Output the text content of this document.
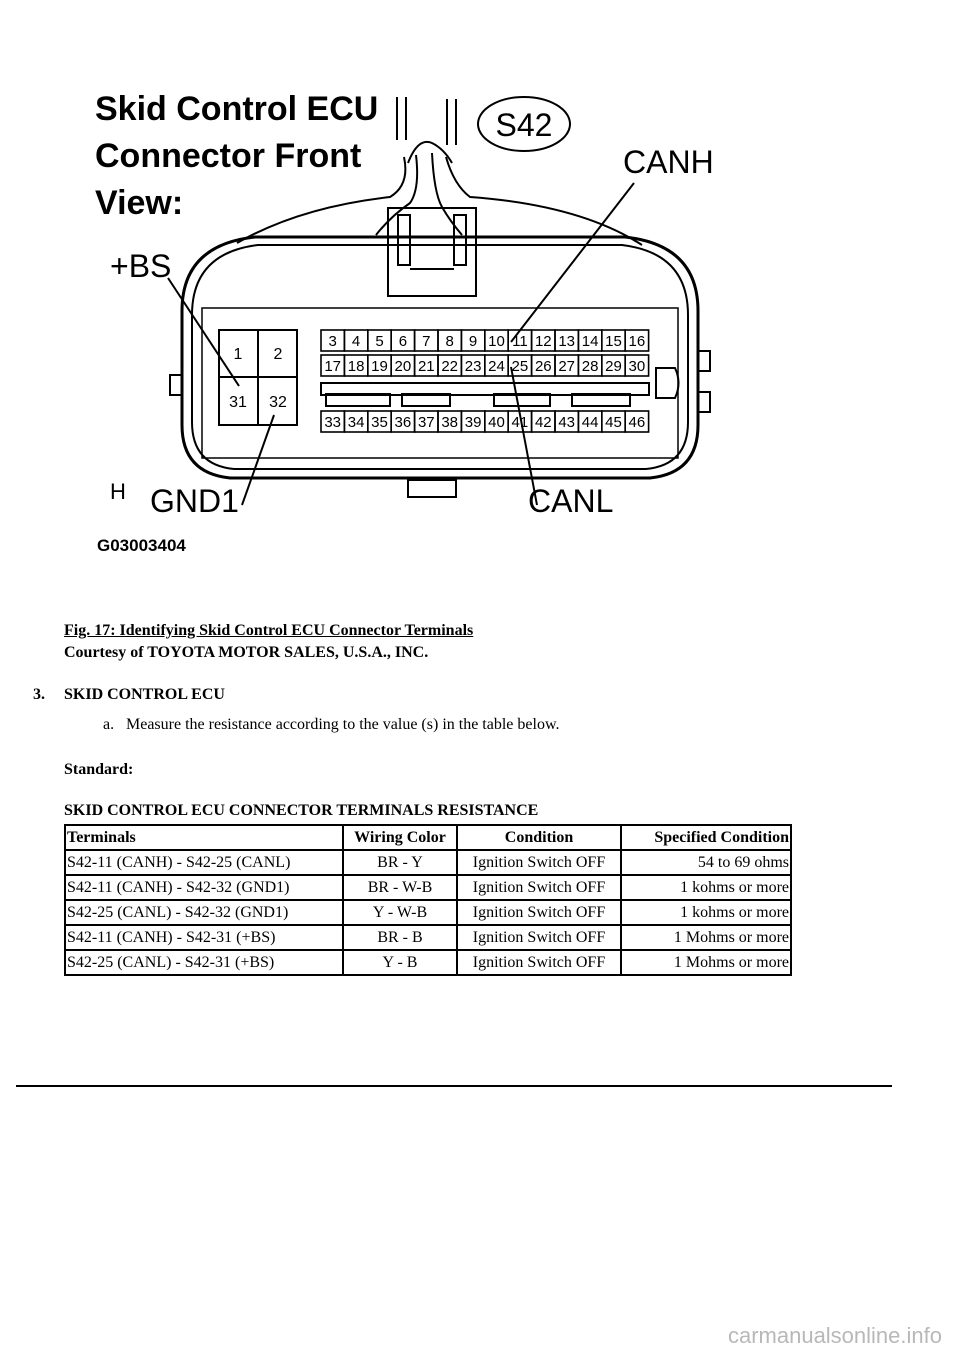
Skid Control ECU
Connector Front
View:
S42
1 2
31 32
3 4 5 6 7 8 9 10 11 12 13 14 15 16
17 18 19 20 21 22 23 24 25 26 27 28 29 30
33 34 35 36 37 38 39 40 41 42 43 44 45 46
CANH
+BS
CANL
GND1
H
G03003404
Fig. 17: Identifying Skid Control ECU Connector Terminals
Courtesy of TOYOTA MOTOR SALES, U.S.A., INC.
3. SKID CONTROL ECU
a. Measure the resistance according to the value (s) in the table below.
Standard:
SKID CONTROL ECU CONNECTOR TERMINALS RESISTANCE
Terminals	Wiring Color	Condition	Specified Condition
S42-11 (CANH) - S42-25 (CANL)	BR - Y	Ignition Switch OFF	54 to 69 ohms
S42-11 (CANH) - S42-32 (GND1)	BR - W-B	Ignition Switch OFF	1 kohms or more
S42-25 (CANL) - S42-32 (GND1)	Y - W-B	Ignition Switch OFF	1 kohms or more
S42-11 (CANH) - S42-31 (+BS)	BR - B	Ignition Switch OFF	1 Mohms or more
S42-25 (CANL) - S42-31 (+BS)	Y - B	Ignition Switch OFF	1 Mohms or more
carmanualsonline.info
